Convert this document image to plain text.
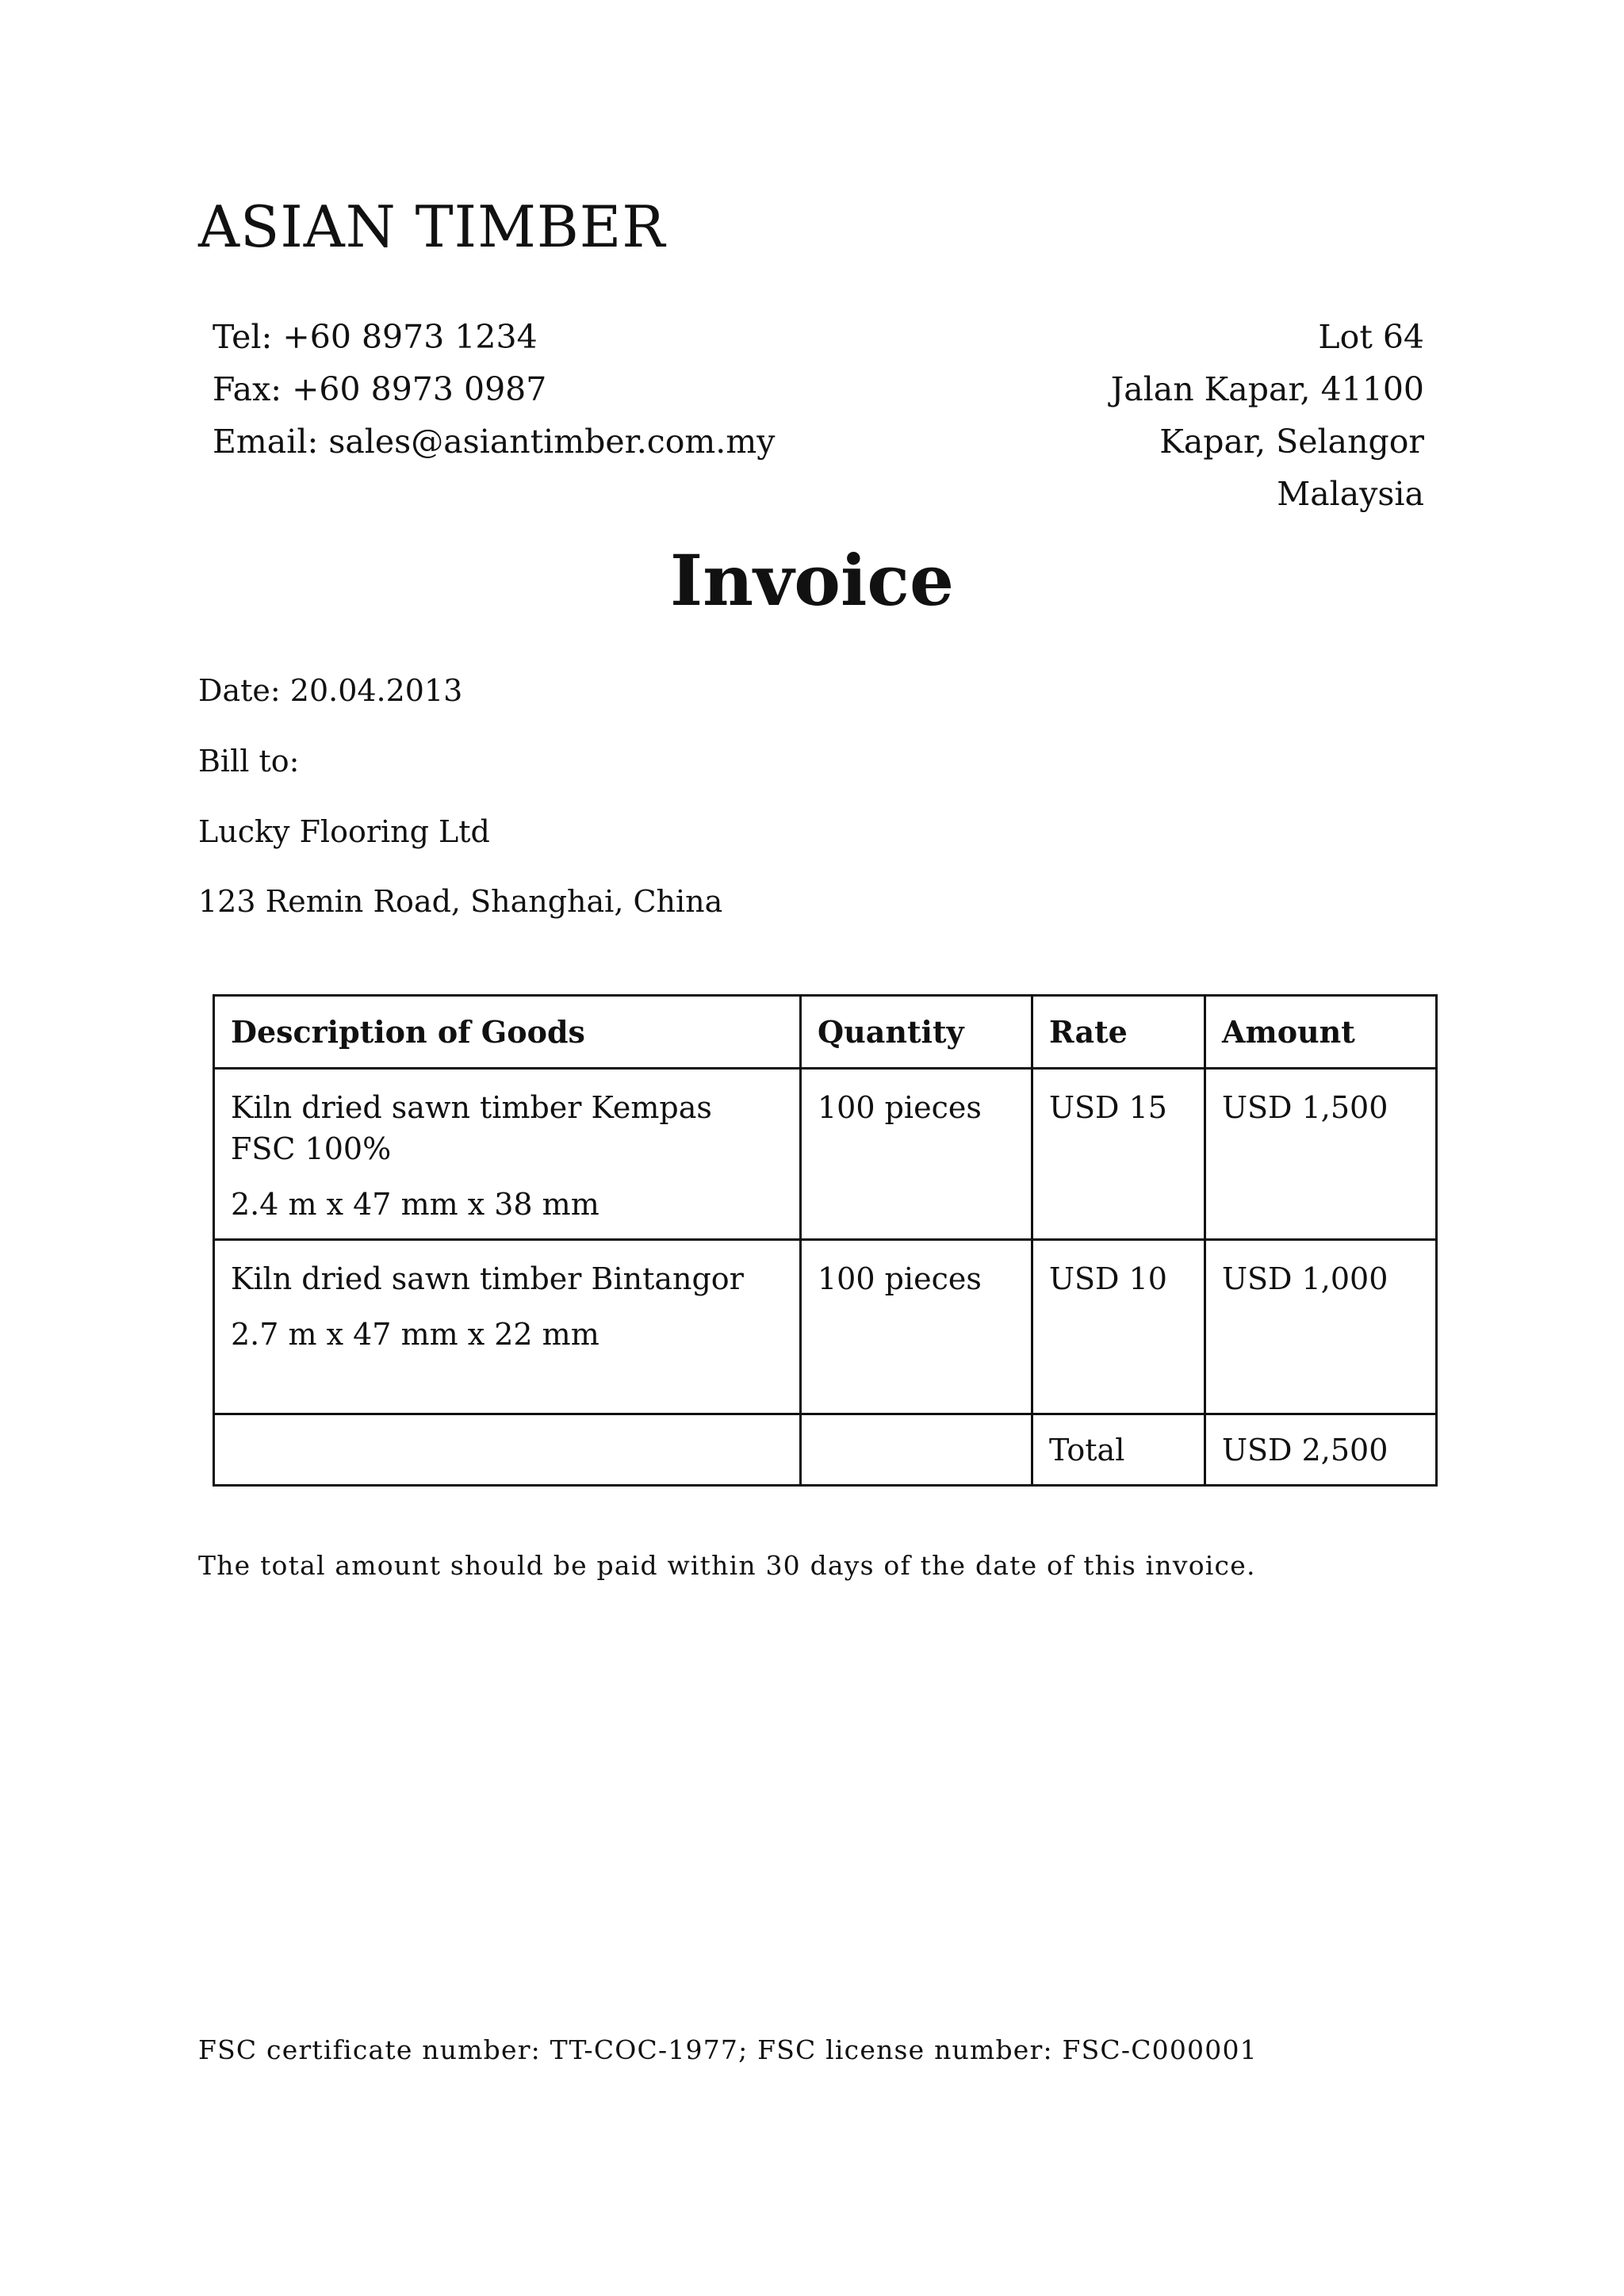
ASIAN TIMBER
Tel: +60 8973 1234
Fax: +60 8973 0987
Email: sales@asiantimber.com.my
Lot 64
Jalan Kapar, 41100
Kapar, Selangor
Malaysia
Invoice
Date: 20.04.2013
Bill to:
Lucky Flooring Ltd
123 Remin Road, Shanghai, China
Description of Goods	Quantity	Rate	Amount

Kiln dried sawn timber Kempas FSC 100%
2.4 m x 47 mm x 38 mm	100 pieces	USD 15	USD 1,500

Kiln dried sawn timber Bintangor
2.7 m x 47 mm x 22 mm	100 pieces	USD 10	USD 1,000

		Total	USD 2,500
The total amount should be paid within 30 days of the date of this invoice.
FSC certificate number: TT-COC-1977; FSC license number: FSC-C000001
